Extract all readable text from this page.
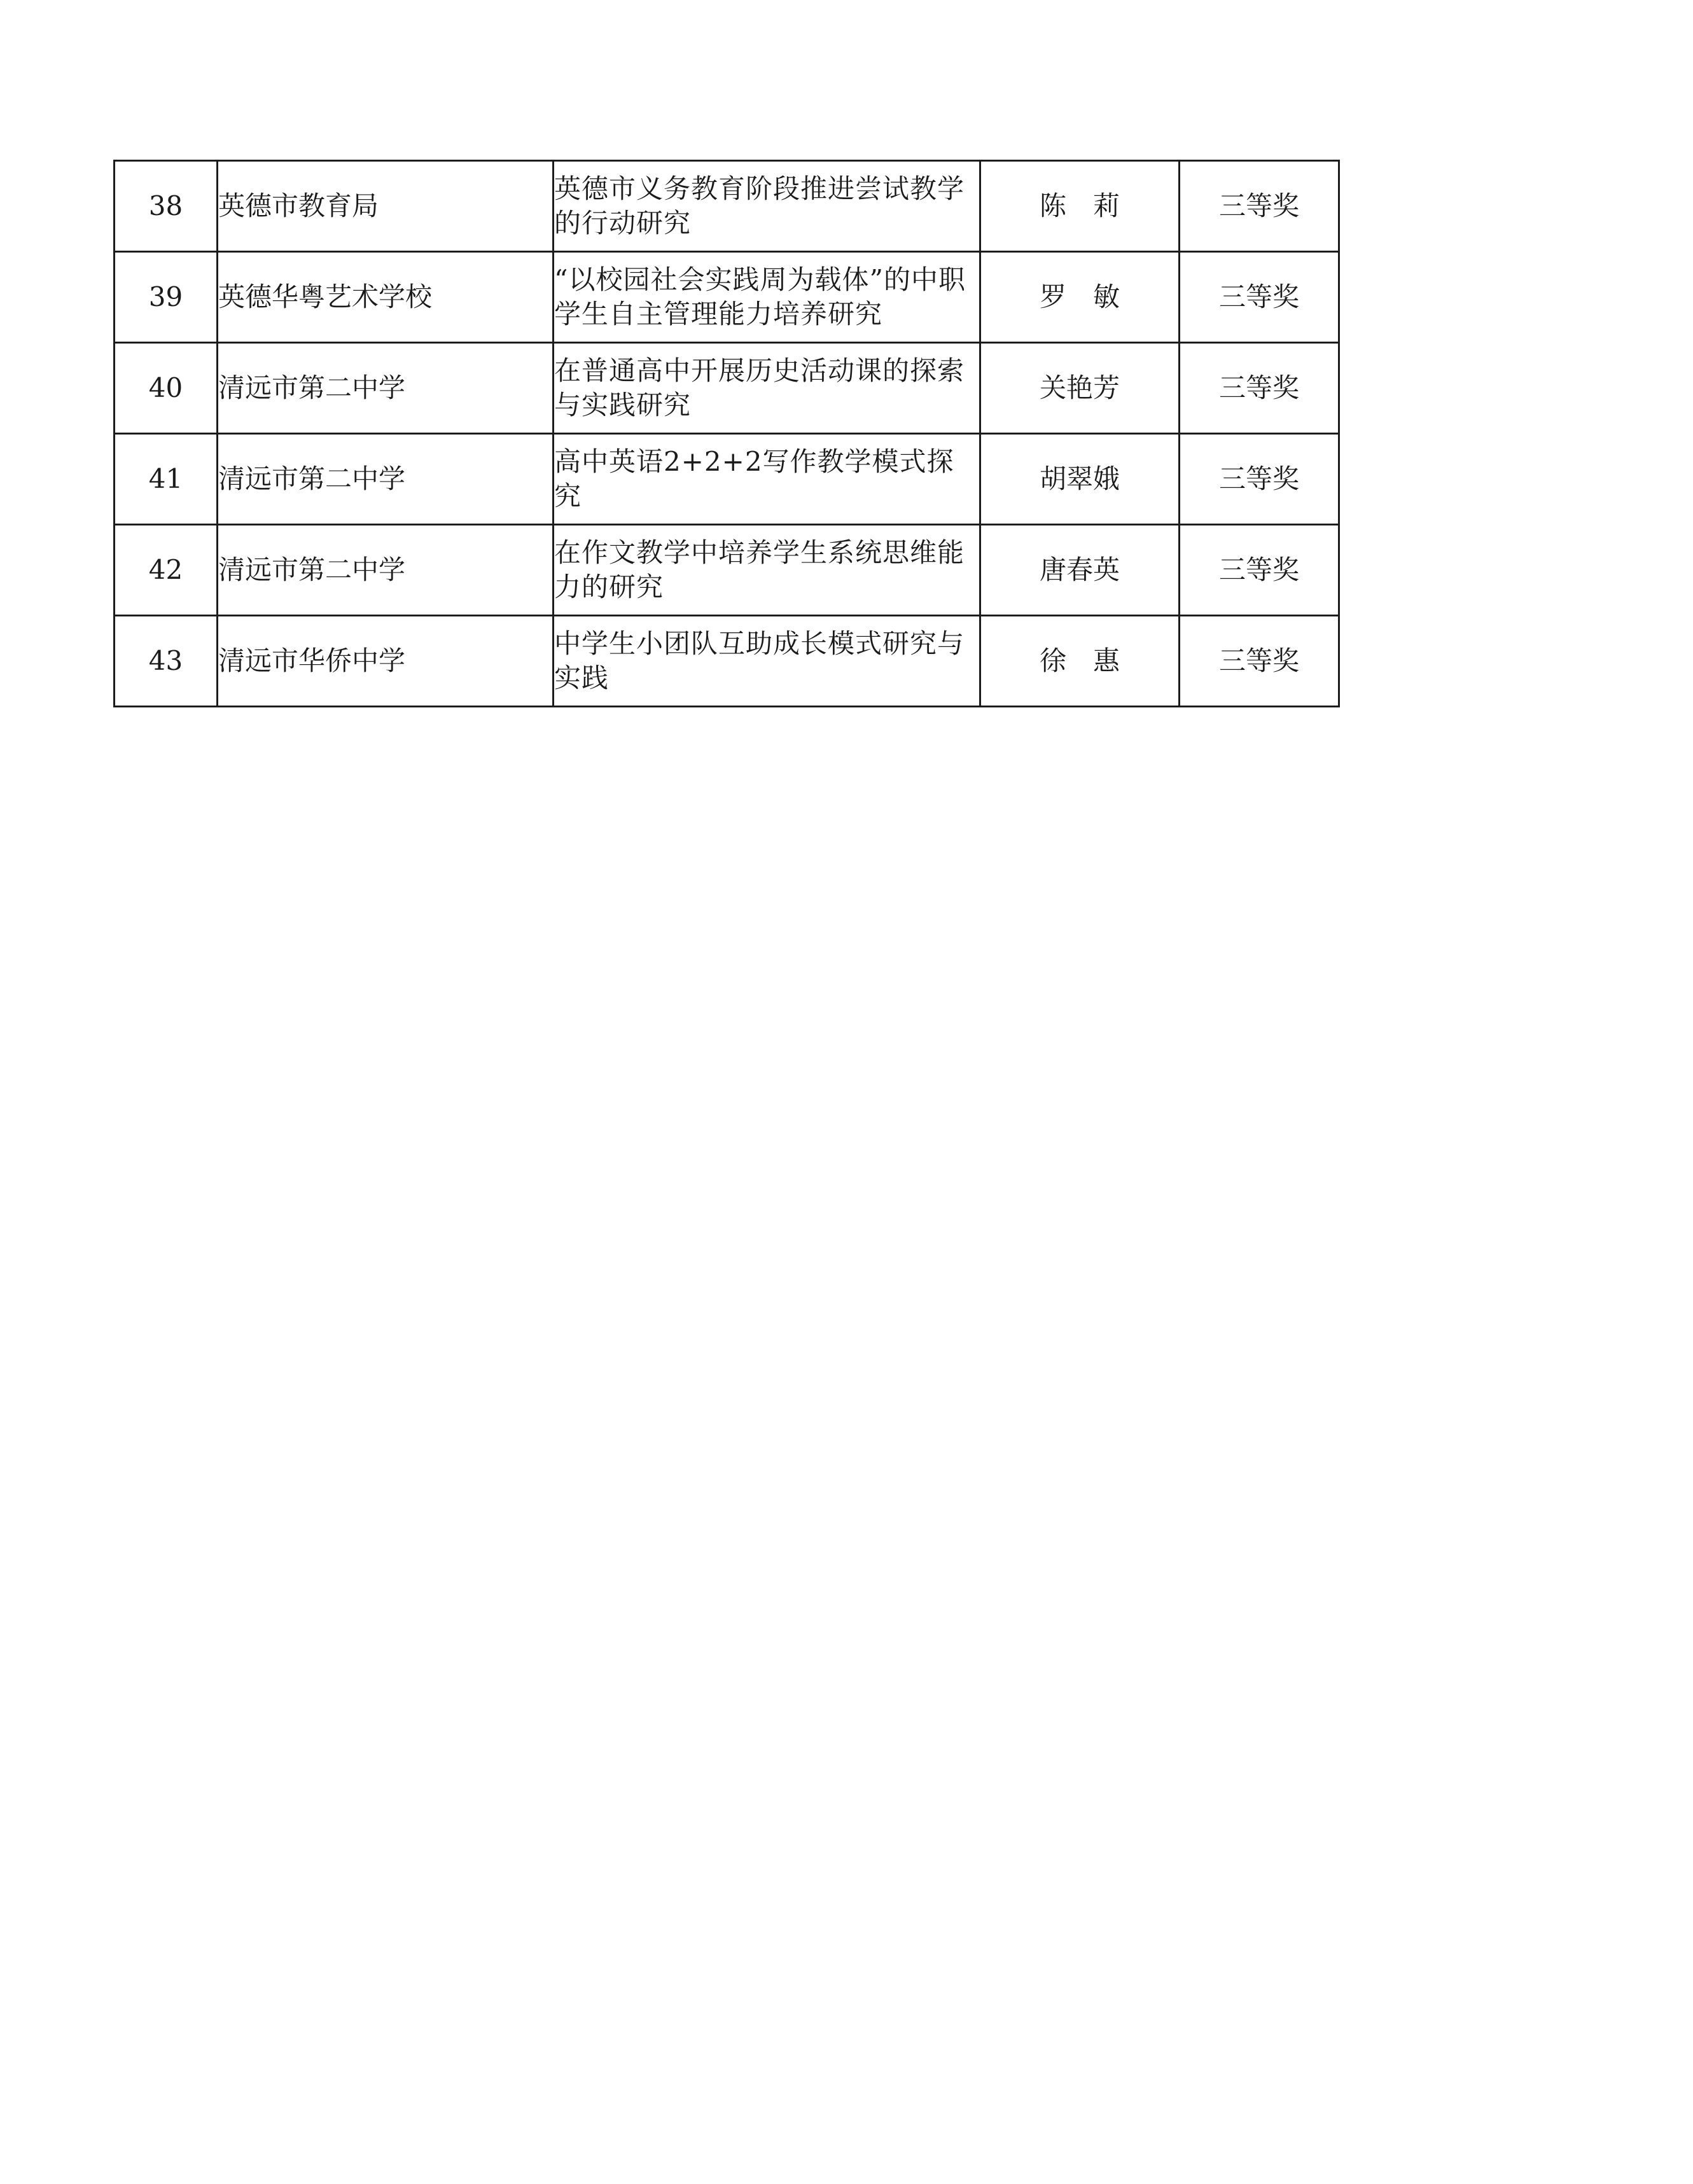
38	英德市教育局	英德市义务教育阶段推进尝试教学的行动研究	陈　莉	三等奖
39	英德华粤艺术学校	“以校园社会实践周为载体”的中职学生自主管理能力培养研究	罗　敏	三等奖
40	清远市第二中学	在普通高中开展历史活动课的探索与实践研究	关艳芳	三等奖
41	清远市第二中学	高中英语2+2+2写作教学模式探究	胡翠娥	三等奖
42	清远市第二中学	在作文教学中培养学生系统思维能力的研究	唐春英	三等奖
43	清远市华侨中学	中学生小团队互助成长模式研究与实践	徐　惠	三等奖
